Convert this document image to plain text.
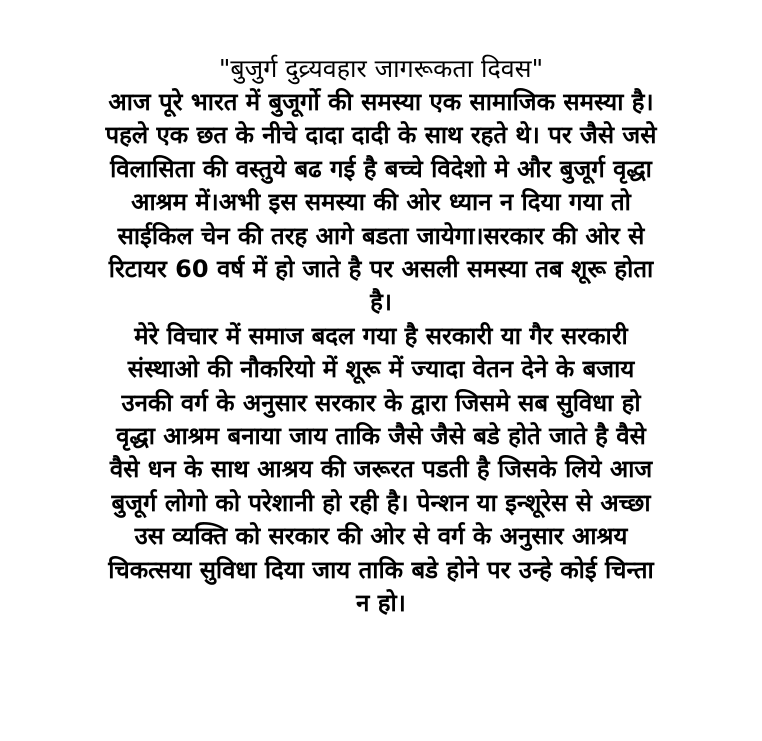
"बुजुर्ग दुव्र्यवहार जागरूकता दिवस"
आज पूरे भारत में बुजूर्गो की समस्या एक सामाजिक समस्या है।
पहले एक छत के नीचे दादा दादी के साथ रहते थे। पर जैसे जसे
विलासिता की वस्तुये बढ गई है बच्चे विदेशो मे और बुजूर्ग वृद्धा
आश्रम में।अभी इस समस्या की ओर ध्यान न दिया गया तो
साईकिल चेन की तरह आगे बडता जायेगा।सरकार की ओर से
रिटायर 60 वर्ष में हो जाते है पर असली समस्या तब शूरू होता
है।
मेरे विचार में समाज बदल गया है सरकारी या गैर सरकारी
संस्थाओ की नौकरियो में शूरू में ज्यादा वेतन देने के बजाय
उनकी वर्ग के अनुसार सरकार के द्वारा जिसमे सब सुविधा हो
वृद्धा आश्रम बनाया जाय ताकि जैसे जैसे बडे होते जाते है वैसे
वैसे धन के साथ आश्रय की जरूरत पडती है जिसके लिये आज
बुजूर्ग लोगो को परेशानी हो रही है। पेन्शन या इन्शूरेस से अच्छा
उस व्यक्ति को सरकार की ओर से वर्ग के अनुसार आश्रय
चिकत्सया सुविधा दिया जाय ताकि बडे होने पर उन्हे कोई चिन्ता
न हो।
